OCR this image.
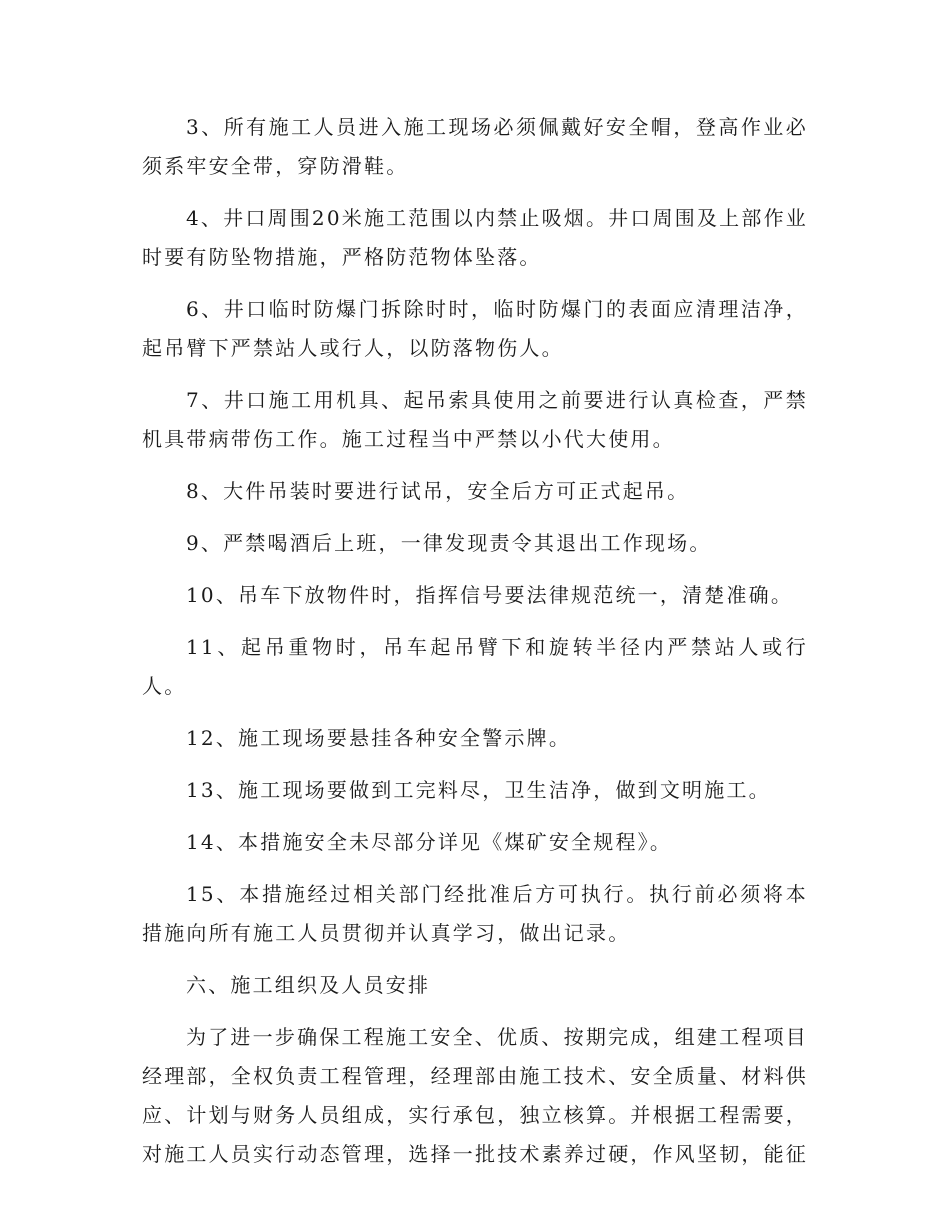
3、所有施工人员进入施工现场必须佩戴好安全帽，登高作业必须系牢安全带，穿防滑鞋。

4、井口周围20米施工范围以内禁止吸烟。井口周围及上部作业时要有防坠物措施，严格防范物体坠落。

6、井口临时防爆门拆除时时，临时防爆门的表面应清理洁净，起吊臂下严禁站人或行人，以防落物伤人。

7、井口施工用机具、起吊索具使用之前要进行认真检查，严禁机具带病带伤工作。施工过程当中严禁以小代大使用。

8、大件吊装时要进行试吊，安全后方可正式起吊。

9、严禁喝酒后上班，一律发现责令其退出工作现场。

10、吊车下放物件时，指挥信号要法律规范统一，清楚准确。

11、起吊重物时，吊车起吊臂下和旋转半径内严禁站人或行人。

12、施工现场要悬挂各种安全警示牌。

13、施工现场要做到工完料尽，卫生洁净，做到文明施工。

14、本措施安全未尽部分详见《煤矿安全规程》。

15、本措施经过相关部门经批准后方可执行。执行前必须将本措施向所有施工人员贯彻并认真学习，做出记录。

六、施工组织及人员安排

为了进一步确保工程施工安全、优质、按期完成，组建工程项目经理部，全权负责工程管理，经理部由施工技术、安全质量、材料供应、计划与财务人员组成，实行承包，独立核算。并根据工程需要，对施工人员实行动态管理，选择一批技术素养过硬，作风坚韧，能征
